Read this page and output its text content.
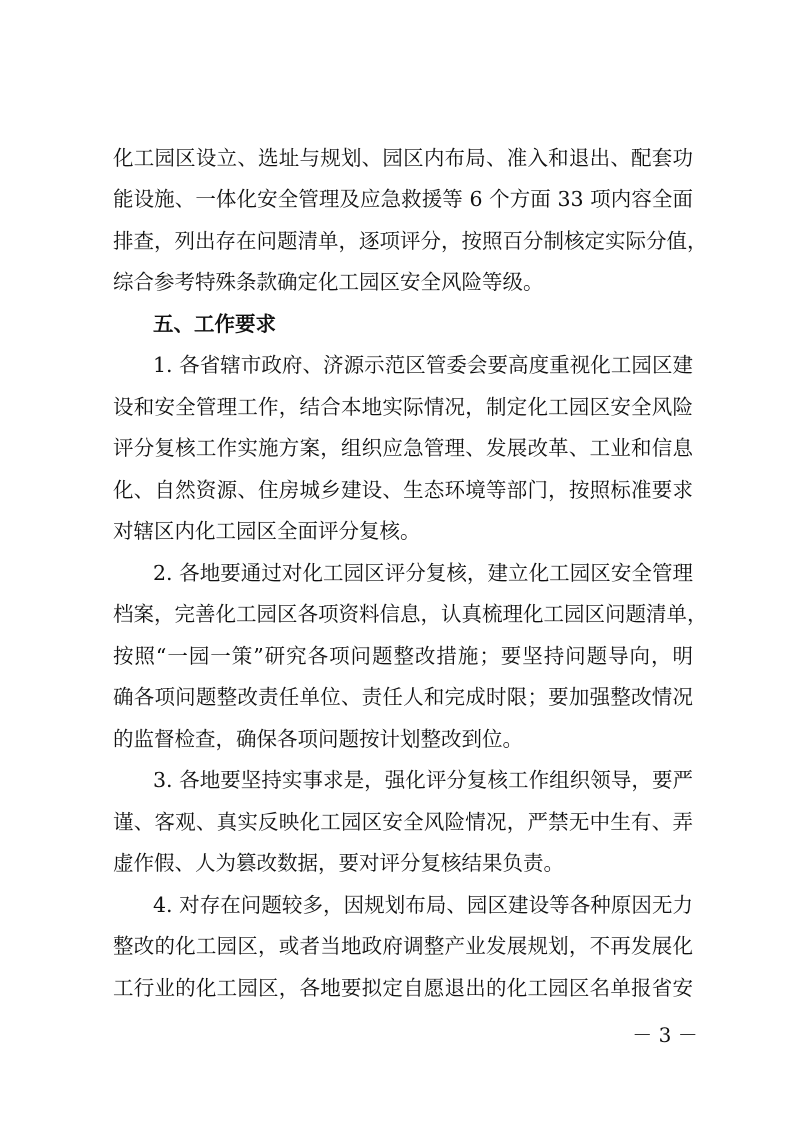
化工园区设立、选址与规划、园区内布局、准入和退出、配套功
能设施、一体化安全管理及应急救援等 6 个方面 33 项内容全面
排查，列出存在问题清单，逐项评分，按照百分制核定实际分值，
综合参考特殊条款确定化工园区安全风险等级。
五、工作要求
1. 各省辖市政府、济源示范区管委会要高度重视化工园区建
设和安全管理工作，结合本地实际情况，制定化工园区安全风险
评分复核工作实施方案，组织应急管理、发展改革、工业和信息
化、自然资源、住房城乡建设、生态环境等部门，按照标准要求
对辖区内化工园区全面评分复核。
2. 各地要通过对化工园区评分复核，建立化工园区安全管理
档案，完善化工园区各项资料信息，认真梳理化工园区问题清单，
按照“一园一策”研究各项问题整改措施；要坚持问题导向，明
确各项问题整改责任单位、责任人和完成时限；要加强整改情况
的监督检查，确保各项问题按计划整改到位。
3. 各地要坚持实事求是，强化评分复核工作组织领导，要严
谨、客观、真实反映化工园区安全风险情况，严禁无中生有、弄
虚作假、人为篡改数据，要对评分复核结果负责。
4. 对存在问题较多，因规划布局、园区建设等各种原因无力
整改的化工园区，或者当地政府调整产业发展规划，不再发展化
工行业的化工园区，各地要拟定自愿退出的化工园区名单报省安
－ 3 －
